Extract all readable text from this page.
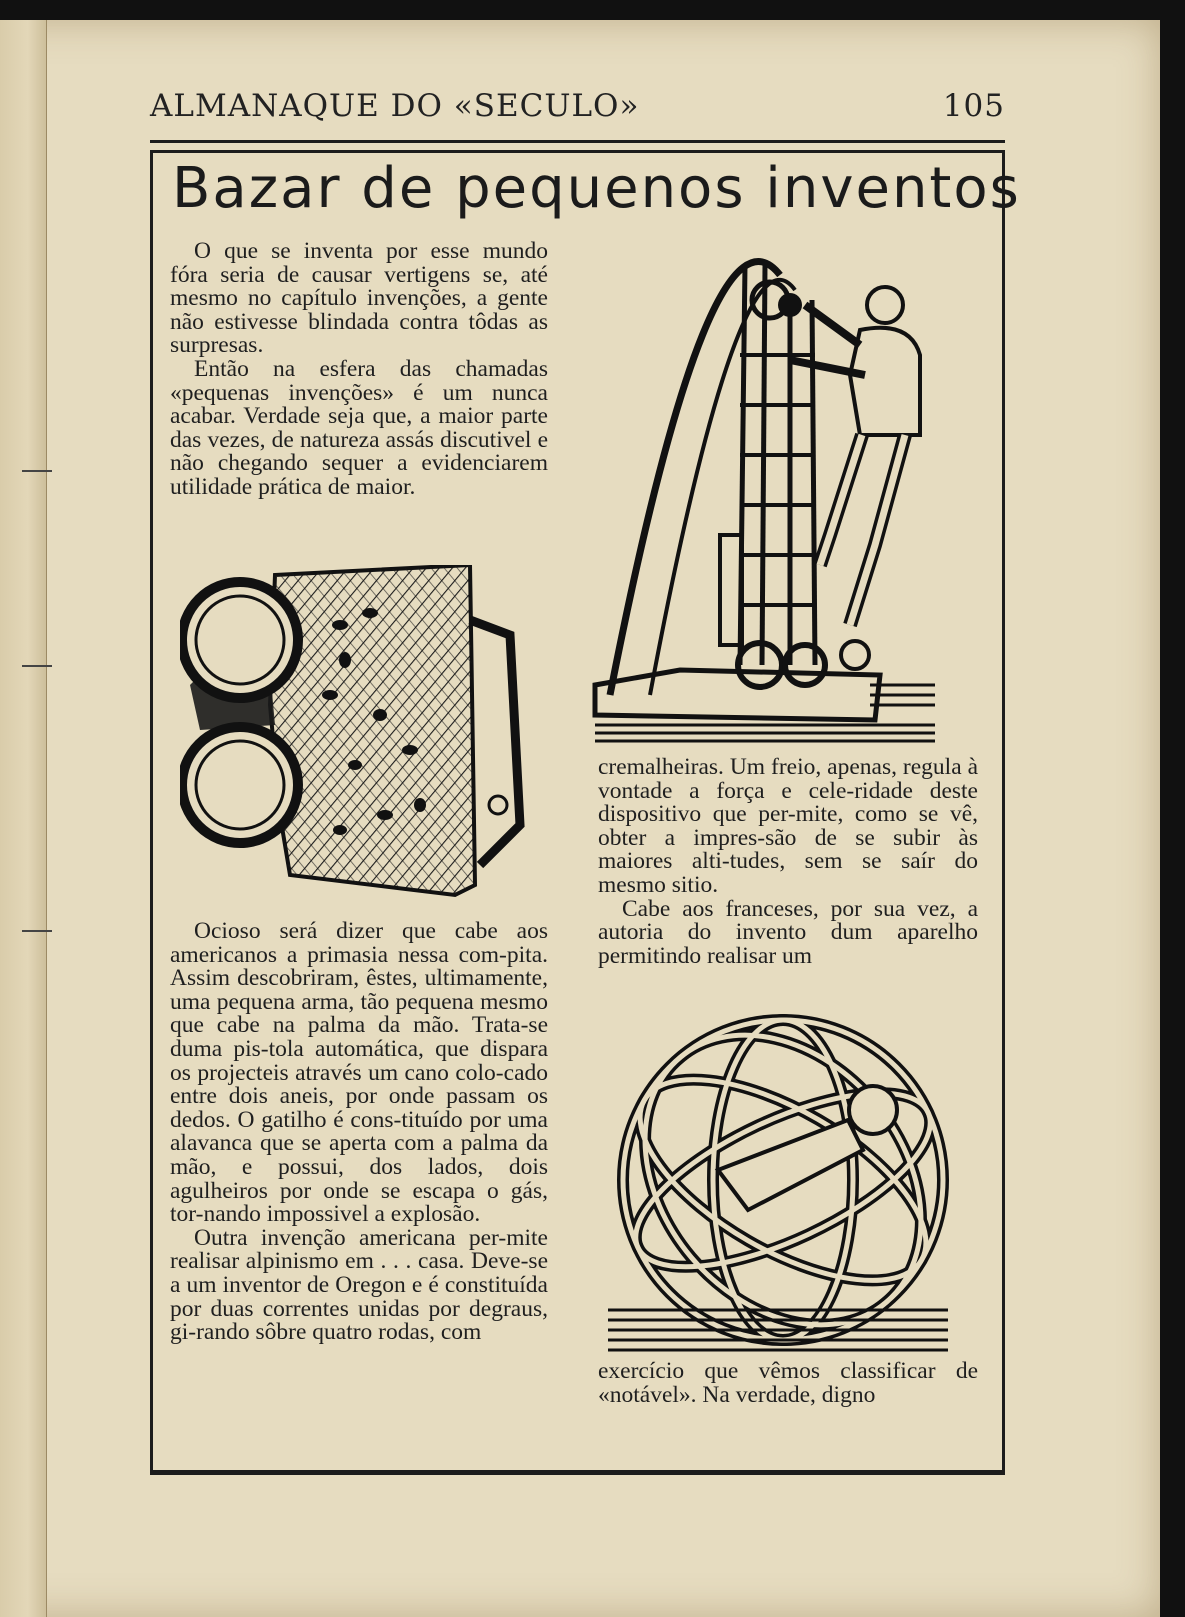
ALMANAQUE DO «SECULO»	105
Bazar de pequenos inventos

O que se inventa por esse mundo fóra seria de causar vertigens se, até mesmo no capítulo invenções, a gente não estivesse blindada contra tôdas as surpresas.

Então na esfera das chamadas «pequenas invenções» é um nunca acabar. Verdade seja que, a maior parte das vezes, de natureza assás discutivel e não chegando sequer a evidenciarem utilidade prática de maior.

Ocioso será dizer que cabe aos americanos a primasia nessa com-pita. Assim descobriram, êstes, ultimamente, uma pequena arma, tão pequena mesmo que cabe na palma da mão. Trata-se duma pis-tola automática, que dispara os projecteis através um cano colo-cado entre dois aneis, por onde passam os dedos. O gatilho é cons-tituído por uma alavanca que se aperta com a palma da mão, e possui, dos lados, dois agulheiros por onde se escapa o gás, tor-nando impossivel a explosão.

Outra invenção americana per-mite realisar alpinismo em . . . casa. Deve-se a um inventor de Oregon e é constituída por duas correntes unidas por degraus, gi-rando sôbre quatro rodas, com

cremalheiras. Um freio, apenas, regula à vontade a força e cele-ridade deste dispositivo que per-mite, como se vê, obter a impres-são de se subir às maiores alti-tudes, sem se saír do mesmo sitio.

Cabe aos franceses, por sua vez, a autoria do invento dum aparelho permitindo realisar um

exercício que vêmos classificar de «notável». Na verdade, digno
